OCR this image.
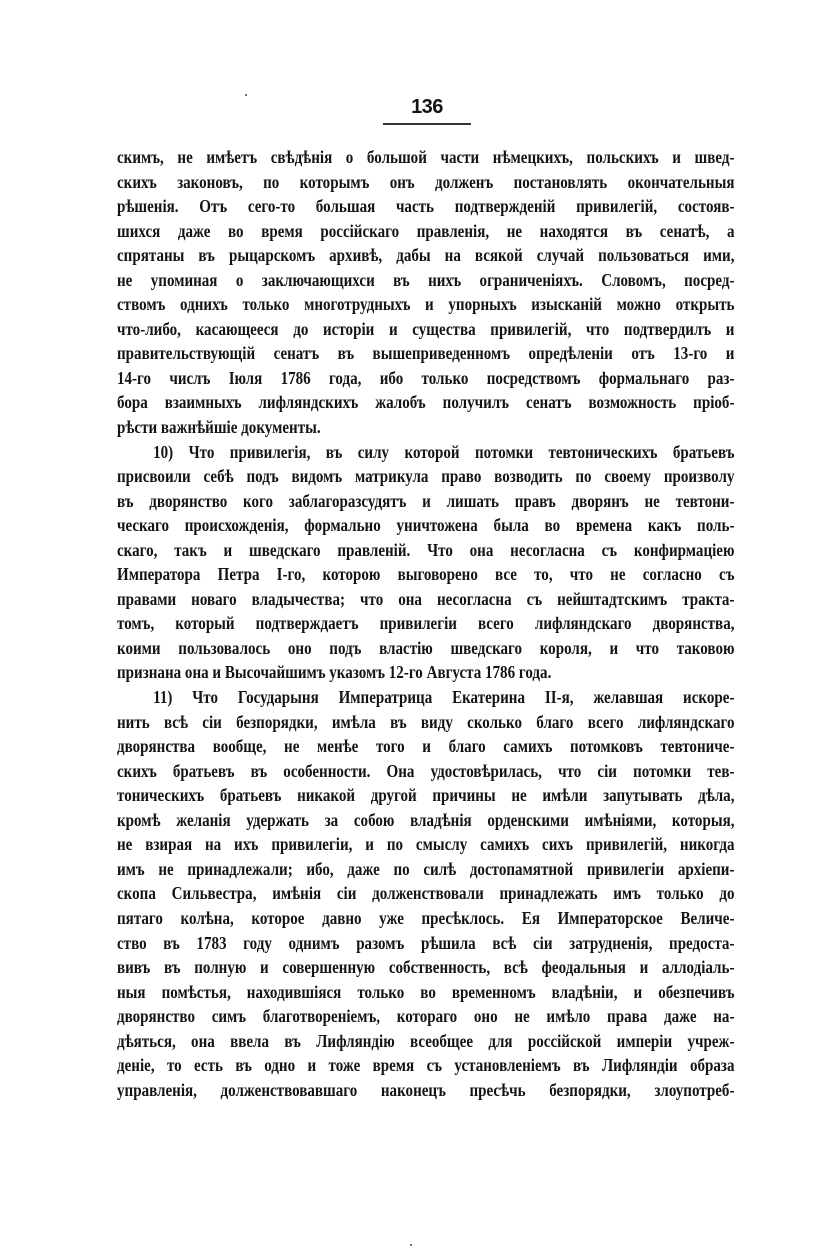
136
скимъ, не имѣетъ свѣдѣнія о большой части нѣмецкихъ, польскихъ и швед-
скихъ законовъ, по которымъ онъ долженъ постановлять окончательныя
рѣшенія. Отъ сего-то большая часть подтвержденій привилегій, состояв-
шихся даже во время россійскаго правленія, не находятся въ сенатѣ, а
спрятаны въ рыцарскомъ архивѣ, дабы на всякой случай пользоваться ими,
не упоминая о заключающихси въ нихъ ограниченіяхъ. Словомъ, посред-
ствомъ однихъ только многотрудныхъ и упорныхъ изысканій можно открыть
что-либо, касающееся до исторіи и существа привилегій, что подтвердилъ и
правительствующій сенатъ въ вышеприведенномъ опредѣленіи отъ 13-го и
14-го числъ Іюля 1786 года, ибо только посредствомъ формальнаго раз-
бора взаимныхъ лифляндскихъ жалобъ получилъ сенатъ возможность пріоб-
рѣсти важнѣйшіе документы.
10) Что привилегія, въ силу которой потомки тевтоническихъ братьевъ
присвоили себѣ подъ видомъ матрикула право возводить по своему произволу
въ дворянство кого заблагоразсудятъ и лишать правъ дворянъ не тевтони-
ческаго происхожденія, формально уничтожена была во времена какъ поль-
скаго, такъ и шведскаго правленій. Что она несогласна съ конфирмаціею
Императора Петра І-го, которою выговорено все то, что не согласно съ
правами новаго владычества; что она несогласна съ нейштадтскимъ тракта-
томъ, который подтверждаетъ привилегіи всего лифляндскаго дворянства,
коими пользовалось оно подъ властію шведскаго короля, и что таковою
признана она и Высочайшимъ указомъ 12-го Августа 1786 года.
11) Что Государыня Императрица Екатерина ІІ-я, желавшая искоре-
нить всѣ сіи безпорядки, имѣла въ виду сколько благо всего лифляндскаго
дворянства вообще, не менѣе того и благо самихъ потомковъ тевтониче-
скихъ братьевъ въ особенности. Она удостовѣрилась, что сіи потомки тев-
тоническихъ братьевъ никакой другой причины не имѣли запутывать дѣла,
кромѣ желанія удержать за собою владѣнія орденскими имѣніями, которыя,
не взирая на ихъ привилегіи, и по смыслу самихъ сихъ привилегій, никогда
имъ не принадлежали; ибо, даже по силѣ достопамятной привилегіи архіепи-
скопа Сильвестра, имѣнія сіи долженствовали принадлежать имъ только до
пятаго колѣна, которое давно уже пресѣклось. Ея Императорское Величе-
ство въ 1783 году однимъ разомъ рѣшила всѣ сіи затрудненія, предоста-
вивъ въ полную и совершенную собственность, всѣ феодальныя и аллодіаль-
ныя помѣстья, находившіяся только во временномъ владѣніи, и обезпечивъ
дворянство симъ благотвореніемъ, котораго оно не имѣло права даже на-
дѣяться, она ввела въ Лифляндію всеобщее для россійской имперіи учреж-
деніе, то есть въ одно и тоже время съ установленіемъ въ Лифляндіи образа
управленія, долженствовавшаго наконецъ пресѣчь безпорядки, злоупотреб-
